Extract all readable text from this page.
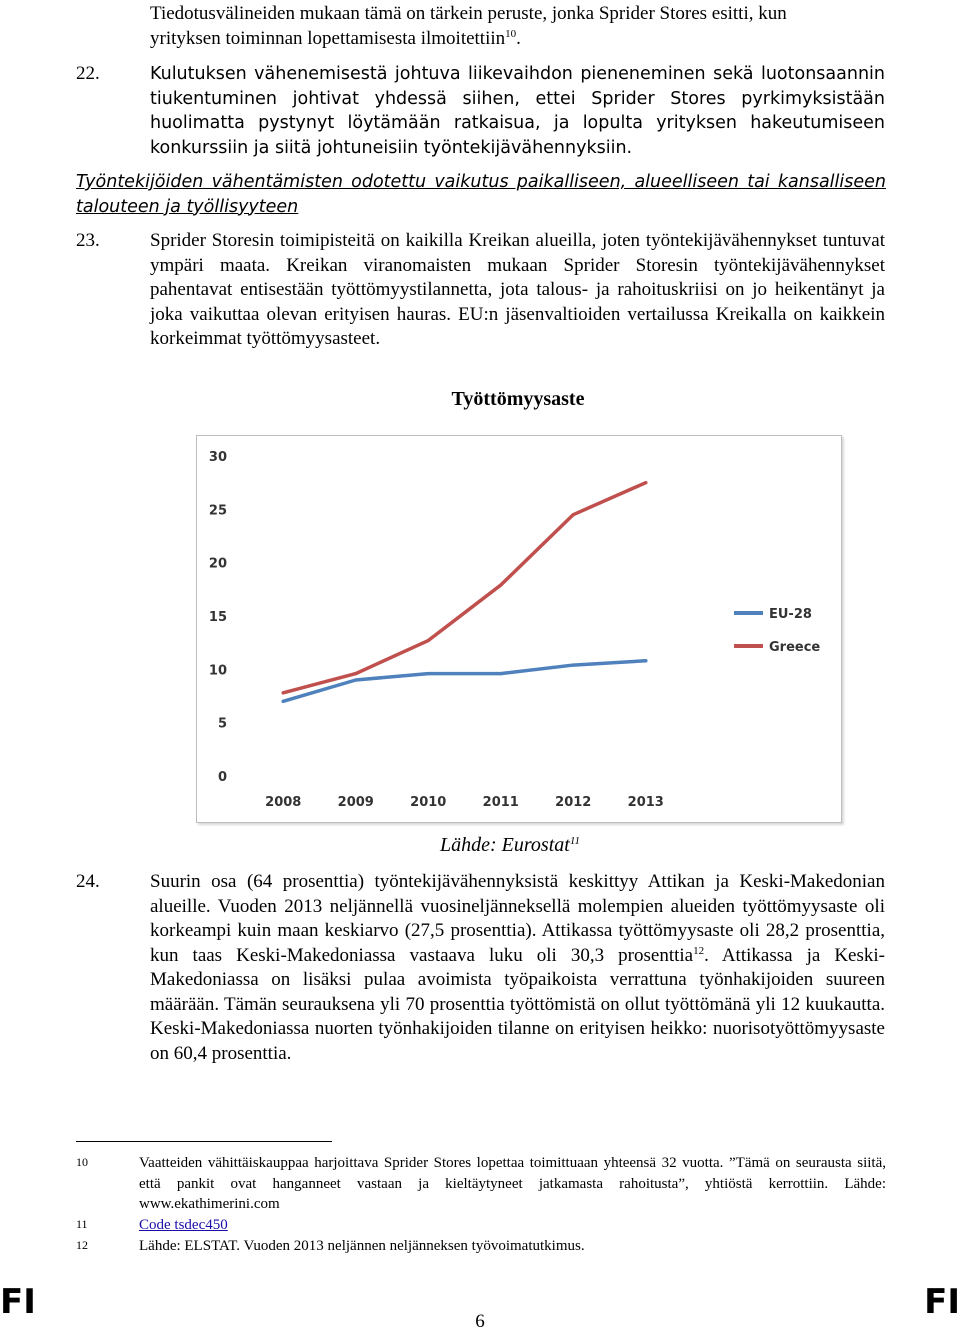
Tiedotusvälineiden mukaan tämä on tärkein peruste, jonka Sprider Stores esitti, kun
yrityksen toiminnan lopettamisesta ilmoitettiin$^{10}$.
22.	Kulutuksen vähenemisestä johtuva liikevaihdon pieneneminen sekä luotonsaannin tiukentuminen johtivat yhdessä siihen, ettei Sprider Stores pyrkimyksistään huolimatta pystynyt löytämään ratkaisua, ja lopulta yrityksen hakeutumiseen konkurssiin ja siitä johtuneisiin työntekijävähennyksiin.
Työntekijöiden vähentämisten odotettu vaikutus paikalliseen, alueelliseen tai kansalliseen talouteen ja työllisyyteen
23.	Sprider Storesin toimipisteitä on kaikilla Kreikan alueilla, joten työntekijävähennykset tuntuvat ympäri maata. Kreikan viranomaisten mukaan Sprider Storesin työntekijävähennykset pahentavat entisestään työttömyystilannetta, jota talous- ja rahoituskriisi on jo heikentänyt ja joka vaikuttaa olevan erityisen hauras. EU:n jäsenvaltioiden vertailussa Kreikalla on kaikkein korkeimmat työttömyysasteet.
Työttömyysaste
0
5
10
15
20
25
30
2008	2009	2010	2011	2012	2013
EU-28
Greece
Lähde: Eurostat$^{11}$
24.	Suurin osa (64 prosenttia) työntekijävähennyksistä keskittyy Attikan ja Keski-Makedonian alueille. Vuoden 2013 neljännellä vuosineljänneksellä molempien alueiden työttömyysaste oli korkeampi kuin maan keskiarvo (27,5 prosenttia). Attikassa työttömyysaste oli 28,2 prosenttia, kun taas Keski-Makedoniassa vastaava luku oli 30,3 prosenttia$^{12}$. Attikassa ja Keski-Makedoniassa on lisäksi pulaa avoimista työpaikoista verrattuna työnhakijoiden suureen määrään. Tämän seurauksena yli 70 prosenttia työttömistä on ollut työttömänä yli 12 kuukautta. Keski-Makedoniassa nuorten työnhakijoiden tilanne on erityisen heikko: nuorisotyöttömyysaste on 60,4 prosenttia.
10	Vaatteiden vähittäiskauppaa harjoittava Sprider Stores lopettaa toimittuaan yhteensä 32 vuotta. ”Tämä on seurausta siitä, että pankit ovat hanganneet vastaan ja kieltäytyneet jatkamasta rahoitusta”, yhtiöstä kerrottiin. Lähde: www.ekathimerini.com
11	Code tsdec450
12	Lähde: ELSTAT. Vuoden 2013 neljännen neljänneksen työvoimatutkimus.
FI	6	FI
